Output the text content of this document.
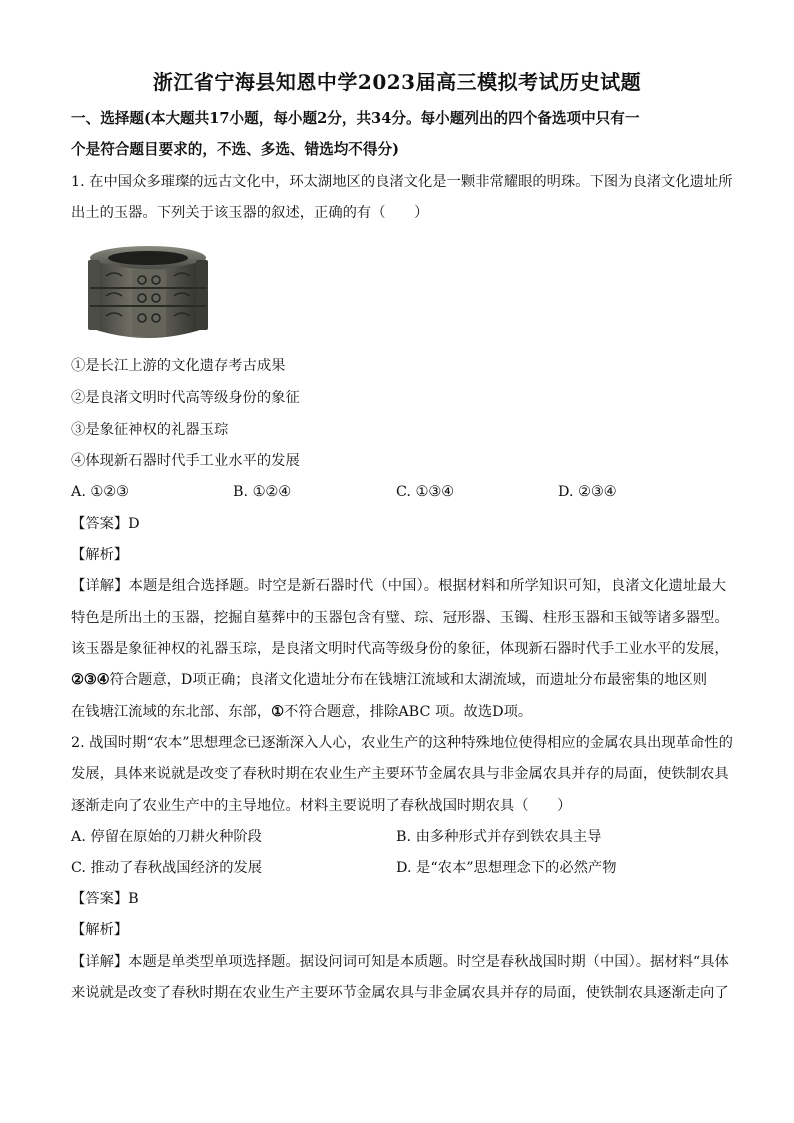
浙江省宁海县知恩中学2023届高三模拟考试历史试题
一、选择题(本大题共17小题，每小题2分，共34分。每小题列出的四个备选项中只有一
个是符合题目要求的，不选、多选、错选均不得分)
1. 在中国众多璀璨的远古文化中，环太湖地区的良渚文化是一颗非常耀眼的明珠。下图为良渚文化遗址所
出土的玉器。下列关于该玉器的叙述，正确的有（　　）
①是长江上游的文化遗存考古成果
②是良渚文明时代高等级身份的象征
③是象征神权的礼器玉琮
④体现新石器时代手工业水平的发展
A. ①②③	B. ①②④	C. ①③④	D. ②③④
【答案】D
【解析】
【详解】本题是组合选择题。时空是新石器时代（中国）。根据材料和所学知识可知，良渚文化遗址最大
特色是所出土的玉器，挖掘自墓葬中的玉器包含有璧、琮、冠形器、玉镯、柱形玉器和玉钺等诸多器型。
该玉器是象征神权的礼器玉琮，是良渚文明时代高等级身份的象征，体现新石器时代手工业水平的发展，
②③④符合题意，D项正确；良渚文化遗址分布在钱塘江流域和太湖流域，而遗址分布最密集的地区则
在钱塘江流域的东北部、东部，①不符合题意，排除ABC 项。故选D项。
2. 战国时期“农本”思想理念已逐渐深入人心，农业生产的这种特殊地位使得相应的金属农具出现革命性的
发展，具体来说就是改变了春秋时期在农业生产主要环节金属农具与非金属农具并存的局面，使铁制农具
逐渐走向了农业生产中的主导地位。材料主要说明了春秋战国时期农具（　　）
A. 停留在原始的刀耕火种阶段	B. 由多种形式并存到铁农具主导
C. 推动了春秋战国经济的发展	D. 是“农本”思想理念下的必然产物
【答案】B
【解析】
【详解】本题是单类型单项选择题。据设问词可知是本质题。时空是春秋战国时期（中国）。据材料“具体
来说就是改变了春秋时期在农业生产主要环节金属农具与非金属农具并存的局面，使铁制农具逐渐走向了
